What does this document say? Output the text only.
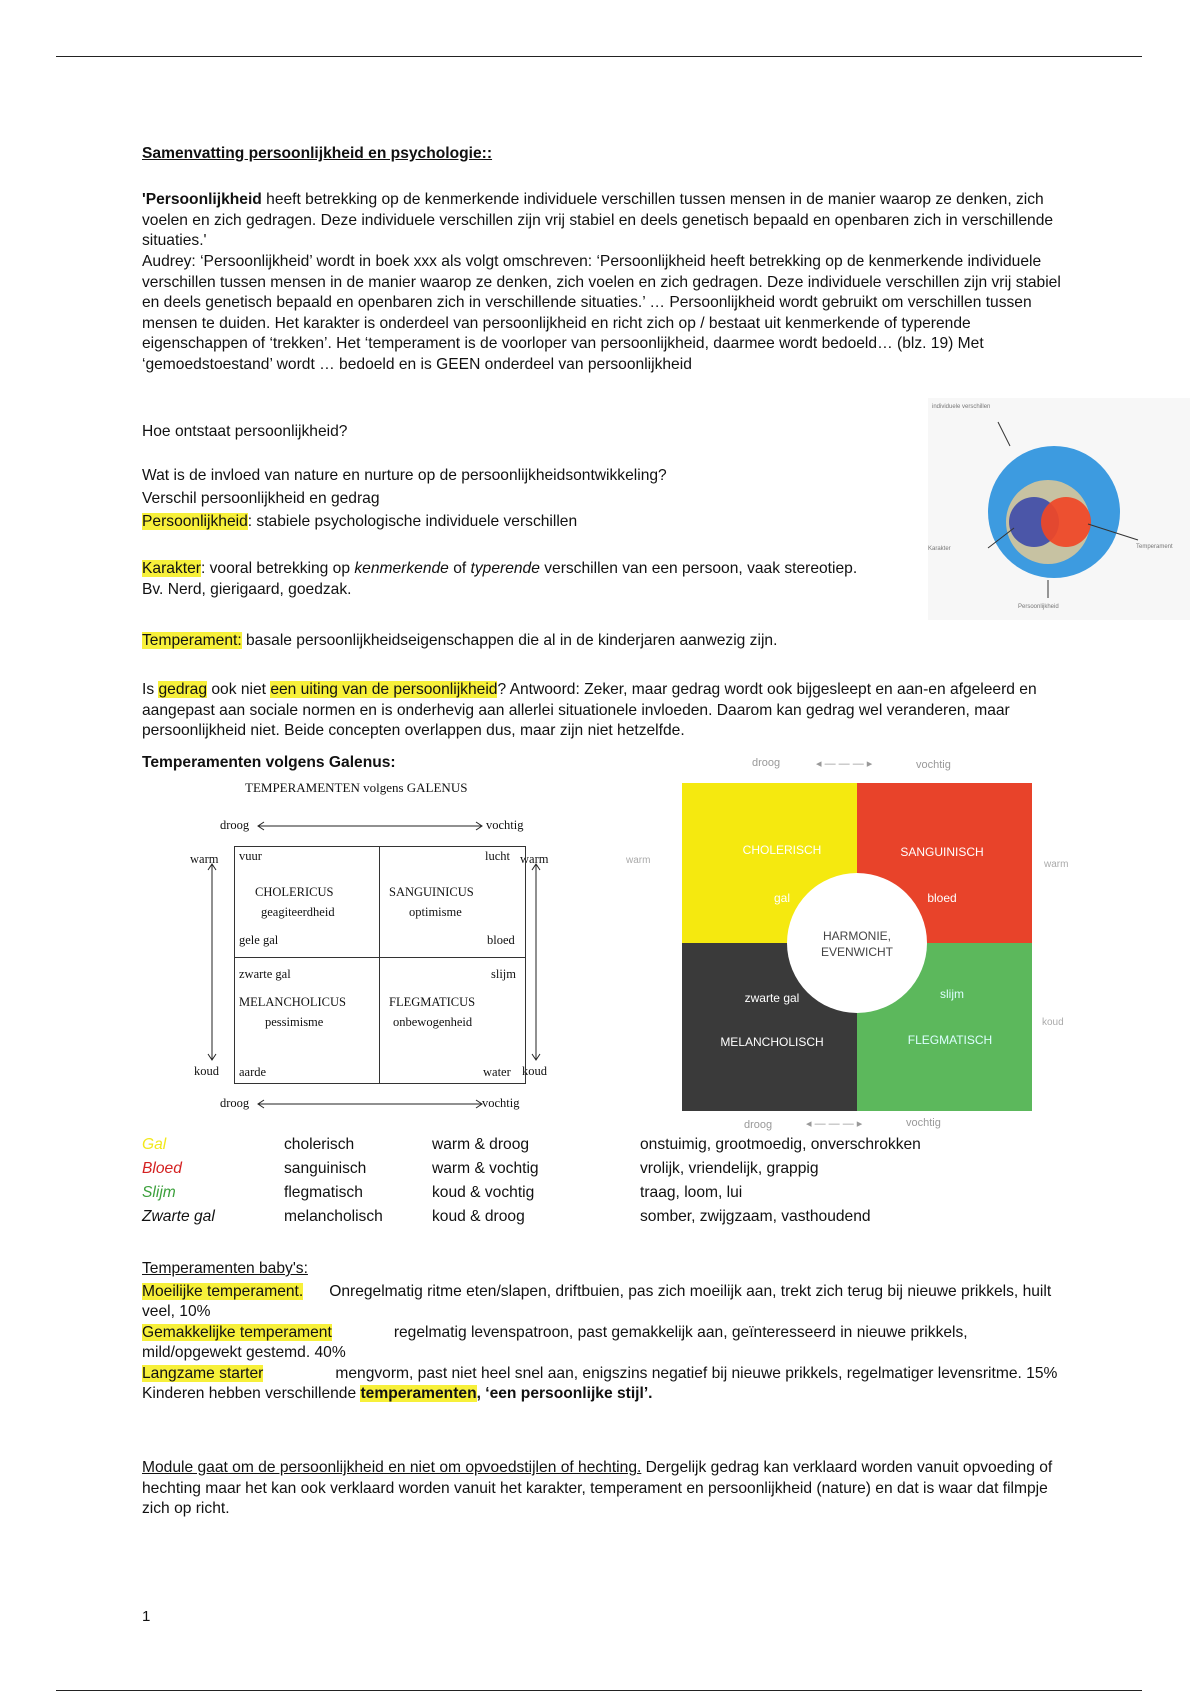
Samenvatting persoonlijkheid en psychologie::

'Persoonlijkheid heeft betrekking op de kenmerkende individuele verschillen tussen mensen in de manier waarop ze denken, zich voelen en zich gedragen. Deze individuele verschillen zijn vrij stabiel en deels genetisch bepaald en openbaren zich in verschillende situaties.'

Audrey: ‘Persoonlijkheid’ wordt in boek xxx als volgt omschreven: ‘Persoonlijkheid heeft betrekking op de kenmerkende individuele verschillen tussen mensen in de manier waarop ze denken, zich voelen en zich gedragen. Deze individuele verschillen zijn vrij stabiel en deels genetisch bepaald en openbaren zich in verschillende situaties.’ … Persoonlijkheid wordt gebruikt om verschillen tussen mensen te duiden. Het karakter is onderdeel van persoonlijkheid en richt zich op / bestaat uit kenmerkende of typerende eigenschappen of ‘trekken’. Het ‘temperament is de voorloper van persoonlijkheid, daarmee wordt bedoeld… (blz. 19) Met ‘gemoedstoestand’ wordt … bedoeld en is GEEN onderdeel van persoonlijkheid

Hoe ontstaat persoonlijkheid?

Wat is de invloed van nature en nurture op de persoonlijkheidsontwikkeling?

Verschil persoonlijkheid en gedrag

Persoonlijkheid: stabiele psychologische individuele verschillen

Karakter: vooral betrekking op kenmerkende of typerende verschillen van een persoon, vaak stereotiep. Bv. Nerd, gierigaard, goedzak.

Temperament: basale persoonlijkheidseigenschappen die al in de kinderjaren aanwezig zijn.

Is gedrag ook niet een uiting van de persoonlijkheid? Antwoord: Zeker, maar gedrag wordt ook bijgesleept en aan-en afgeleerd en aangepast aan sociale normen en is onderhevig aan allerlei situationele invloeden. Daarom kan gedrag wel veranderen, maar persoonlijkheid niet. Beide concepten overlappen dus, maar zijn niet hetzelfde.

Temperamenten volgens Galenus:

individuele verschillen
Karakter	Temperament
Persoonlijkheid
TEMPERAMENTEN volgens GALENUS
droog	vochtig
droog	vochtig
warm	warm
koud	koud
vuur	lucht
CHOLERICUS
geagiteerdheid
gele gal
SANGUINICUS
optimisme
bloed
zwarte gal
MELANCHOLICUS
pessimisme
aarde
slijm
FLEGMATICUS
onbewogenheid
water
droog	◂ — — — ▸	vochtig
warm	warm
koud
CHOLERISCH
gal
SANGUINISCH
bloed
HARMONIE,
EVENWICHT
zwarte gal
MELANCHOLISCH
slijm
FLEGMATISCH
droog	◂ — — — ▸	vochtig
Gal	cholerisch	warm & droog	onstuimig, grootmoedig, onverschrokken
Bloed	sanguinisch	warm & vochtig	vrolijk, vriendelijk, grappig
Slijm	flegmatisch	koud & vochtig	traag, loom, lui
Zwarte gal	melancholisch	koud & droog	somber, zwijgzaam, vasthoudend

Temperamenten baby's:

Moeilijke temperament. Onregelmatig ritme eten/slapen, driftbuien, pas zich moeilijk aan, trekt zich terug bij nieuwe prikkels, huilt veel, 10%

Gemakkelijke temperament	regelmatig levenspatroon, past gemakkelijk aan, geïnteresseerd in nieuwe prikkels, mild/opgewekt gestemd. 40%

Langzame starter	mengvorm, past niet heel snel aan, enigszins negatief bij nieuwe prikkels, regelmatiger levensritme. 15%

Kinderen hebben verschillende temperamenten, ‘een persoonlijke stijl’.

Module gaat om de persoonlijkheid en niet om opvoedstijlen of hechting. Dergelijk gedrag kan verklaard worden vanuit opvoeding of hechting maar het kan ook verklaard worden vanuit het karakter, temperament en persoonlijkheid (nature) en dat is waar dat filmpje zich op richt.

1
